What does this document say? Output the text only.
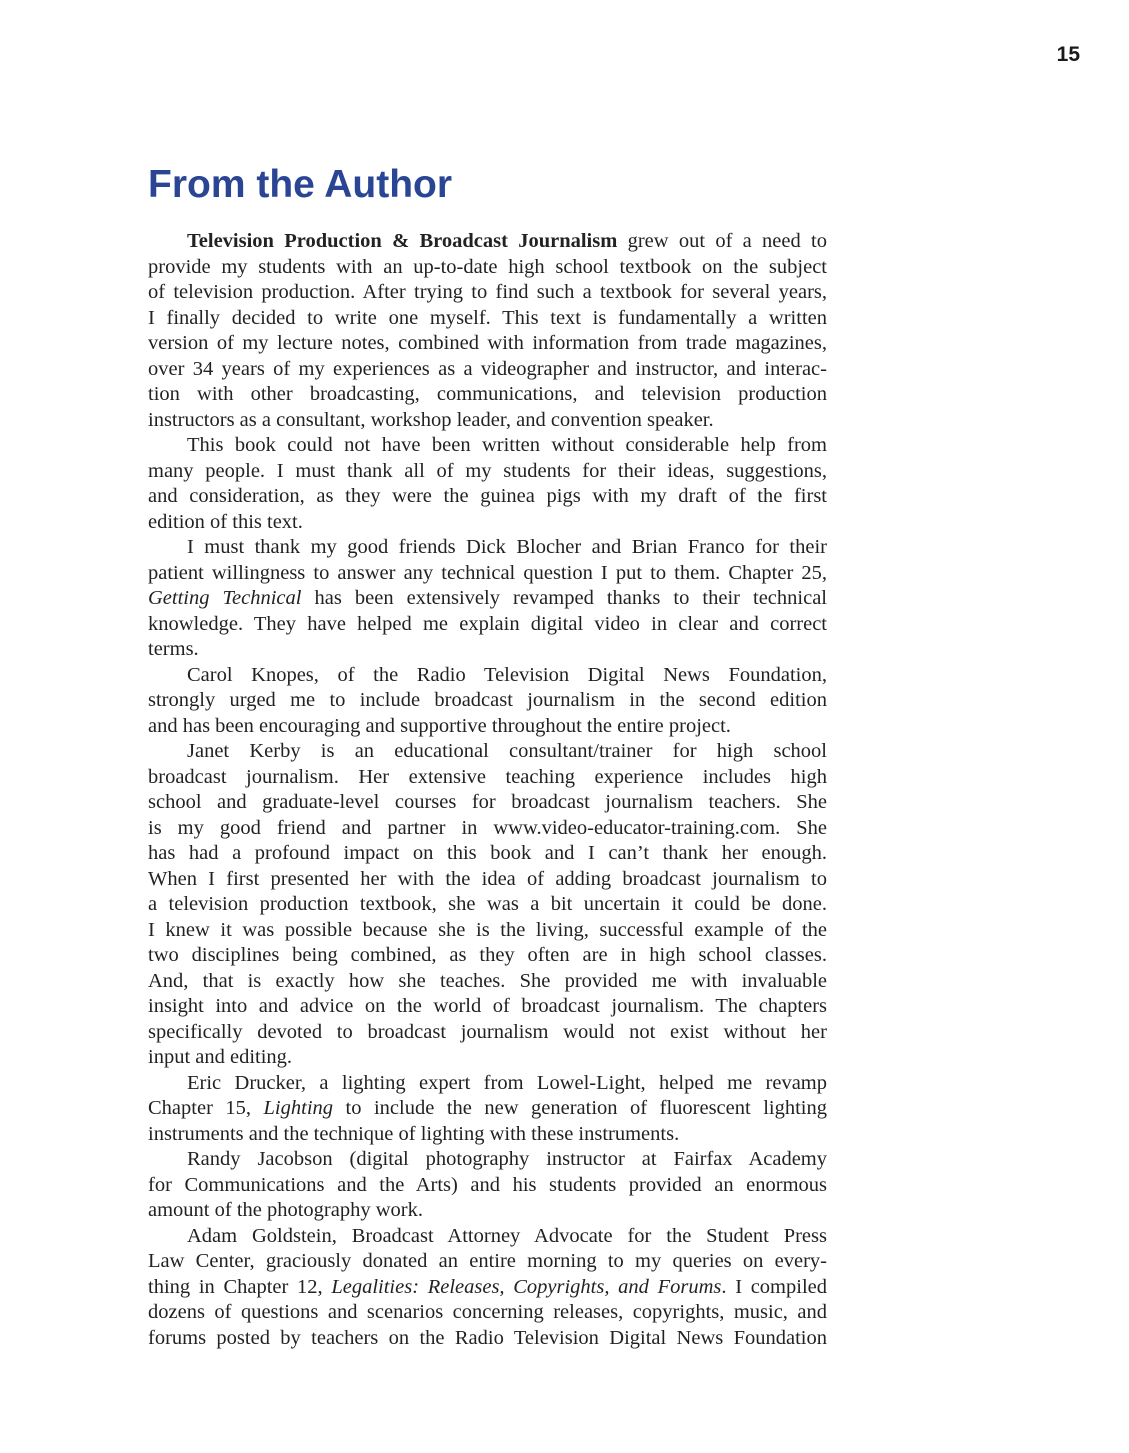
15
From the Author
Television Production & Broadcast Journalism grew out of a need to
provide my students with an up-to-date high school textbook on the subject
of television production. After trying to find such a textbook for several years,
I finally decided to write one myself. This text is fundamentally a written
version of my lecture notes, combined with information from trade magazines,
over 34 years of my experiences as a videographer and instructor, and interac-
tion with other broadcasting, communications, and television production
instructors as a consultant, workshop leader, and convention speaker.
This book could not have been written without considerable help from
many people. I must thank all of my students for their ideas, suggestions,
and consideration, as they were the guinea pigs with my draft of the first
edition of this text.
I must thank my good friends Dick Blocher and Brian Franco for their
patient willingness to answer any technical question I put to them. Chapter 25,
Getting Technical has been extensively revamped thanks to their technical
knowledge. They have helped me explain digital video in clear and correct
terms.
Carol Knopes, of the Radio Television Digital News Foundation,
strongly urged me to include broadcast journalism in the second edition
and has been encouraging and supportive throughout the entire project.
Janet Kerby is an educational consultant/trainer for high school
broadcast journalism. Her extensive teaching experience includes high
school and graduate-level courses for broadcast journalism teachers. She
is my good friend and partner in www.video-educator-training.com. She
has had a profound impact on this book and I can’t thank her enough.
When I first presented her with the idea of adding broadcast journalism to
a television production textbook, she was a bit uncertain it could be done.
I knew it was possible because she is the living, successful example of the
two disciplines being combined, as they often are in high school classes.
And, that is exactly how she teaches. She provided me with invaluable
insight into and advice on the world of broadcast journalism. The chapters
specifically devoted to broadcast journalism would not exist without her
input and editing.
Eric Drucker, a lighting expert from Lowel-Light, helped me revamp
Chapter 15, Lighting to include the new generation of fluorescent lighting
instruments and the technique of lighting with these instruments.
Randy Jacobson (digital photography instructor at Fairfax Academy
for Communications and the Arts) and his students provided an enormous
amount of the photography work.
Adam Goldstein, Broadcast Attorney Advocate for the Student Press
Law Center, graciously donated an entire morning to my queries on every-
thing in Chapter 12, Legalities: Releases, Copyrights, and Forums. I compiled
dozens of questions and scenarios concerning releases, copyrights, music, and
forums posted by teachers on the Radio Television Digital News Foundation
